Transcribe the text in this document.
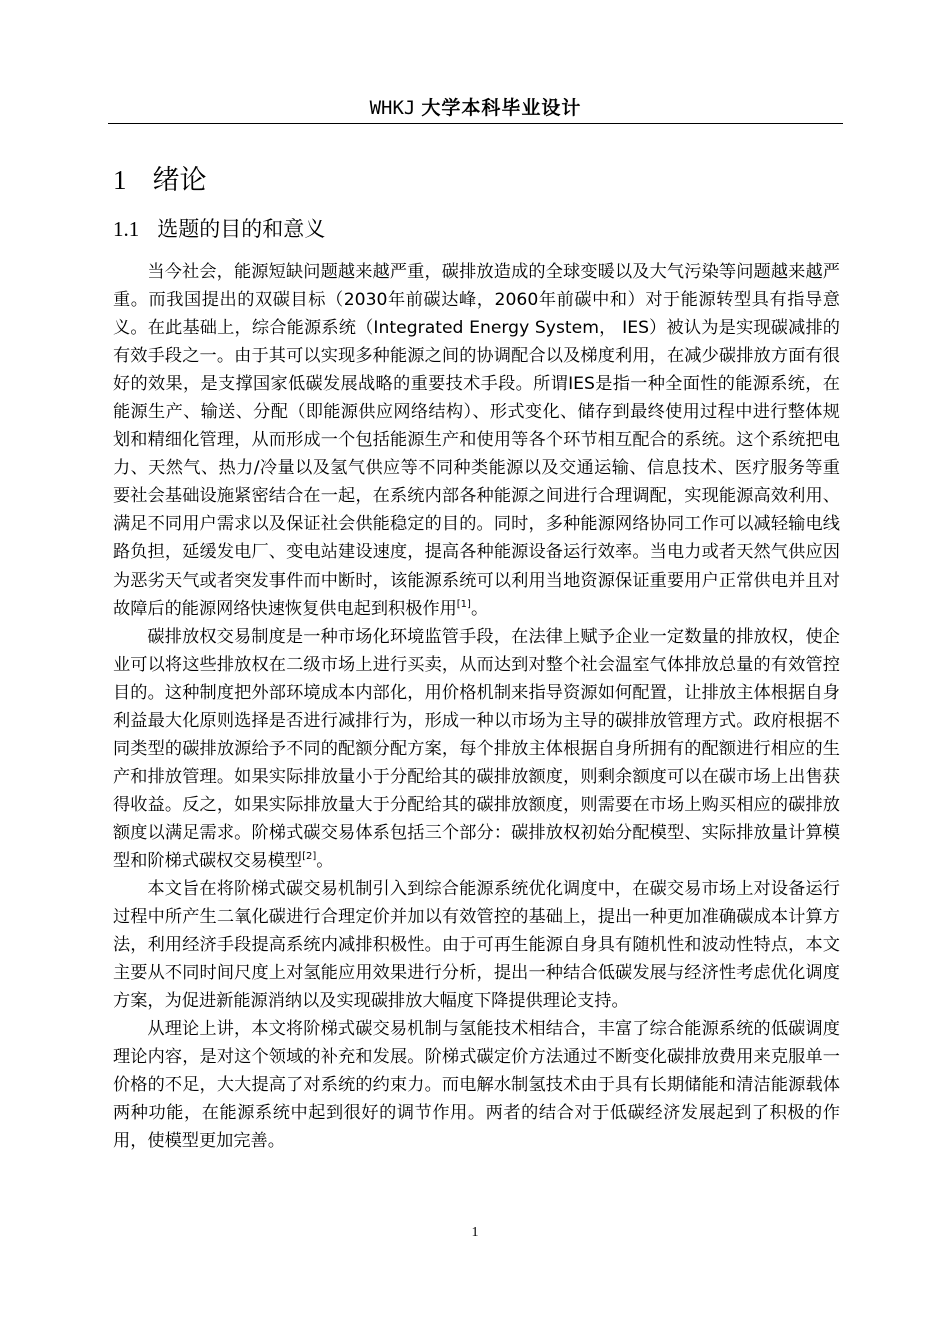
WHKJ 大学本科毕业设计
1 绪论
1.1 选题的目的和意义

当今社会，能源短缺问题越来越严重，碳排放造成的全球变暖以及大气污染等问题越来越严重。而我国提出的双碳目标（2030年前碳达峰，2060年前碳中和）对于能源转型具有指导意义。在此基础上，综合能源系统（Integrated Energy System， IES）被认为是实现碳减排的有效手段之一。由于其可以实现多种能源之间的协调配合以及梯度利用，在减少碳排放方面有很好的效果，是支撑国家低碳发展战略的重要技术手段。所谓IES是指一种全面性的能源系统，在能源生产、输送、分配（即能源供应网络结构）、形式变化、储存到最终使用过程中进行整体规划和精细化管理，从而形成一个包括能源生产和使用等各个环节相互配合的系统。这个系统把电力、天然气、热力/冷量以及氢气供应等不同种类能源以及交通运输、信息技术、医疗服务等重要社会基础设施紧密结合在一起，在系统内部各种能源之间进行合理调配，实现能源高效利用、满足不同用户需求以及保证社会供能稳定的目的。同时，多种能源网络协同工作可以减轻输电线路负担，延缓发电厂、变电站建设速度，提高各种能源设备运行效率。当电力或者天然气供应因为恶劣天气或者突发事件而中断时，该能源系统可以利用当地资源保证重要用户正常供电并且对故障后的能源网络快速恢复供电起到积极作用[1]。

碳排放权交易制度是一种市场化环境监管手段，在法律上赋予企业一定数量的排放权，使企业可以将这些排放权在二级市场上进行买卖，从而达到对整个社会温室气体排放总量的有效管控目的。这种制度把外部环境成本内部化，用价格机制来指导资源如何配置，让排放主体根据自身利益最大化原则选择是否进行减排行为，形成一种以市场为主导的碳排放管理方式。政府根据不同类型的碳排放源给予不同的配额分配方案，每个排放主体根据自身所拥有的配额进行相应的生产和排放管理。如果实际排放量小于分配给其的碳排放额度，则剩余额度可以在碳市场上出售获得收益。反之，如果实际排放量大于分配给其的碳排放额度，则需要在市场上购买相应的碳排放额度以满足需求。阶梯式碳交易体系包括三个部分：碳排放权初始分配模型、实际排放量计算模型和阶梯式碳权交易模型[2]。

本文旨在将阶梯式碳交易机制引入到综合能源系统优化调度中，在碳交易市场上对设备运行过程中所产生二氧化碳进行合理定价并加以有效管控的基础上，提出一种更加准确碳成本计算方法，利用经济手段提高系统内减排积极性。由于可再生能源自身具有随机性和波动性特点，本文主要从不同时间尺度上对氢能应用效果进行分析，提出一种结合低碳发展与经济性考虑优化调度方案，为促进新能源消纳以及实现碳排放大幅度下降提供理论支持。

从理论上讲，本文将阶梯式碳交易机制与氢能技术相结合，丰富了综合能源系统的低碳调度理论内容，是对这个领域的补充和发展。阶梯式碳定价方法通过不断变化碳排放费用来克服单一价格的不足，大大提高了对系统的约束力。而电解水制氢技术由于具有长期储能和清洁能源载体两种功能，在能源系统中起到很好的调节作用。两者的结合对于低碳经济发展起到了积极的作用，使模型更加完善。

1
